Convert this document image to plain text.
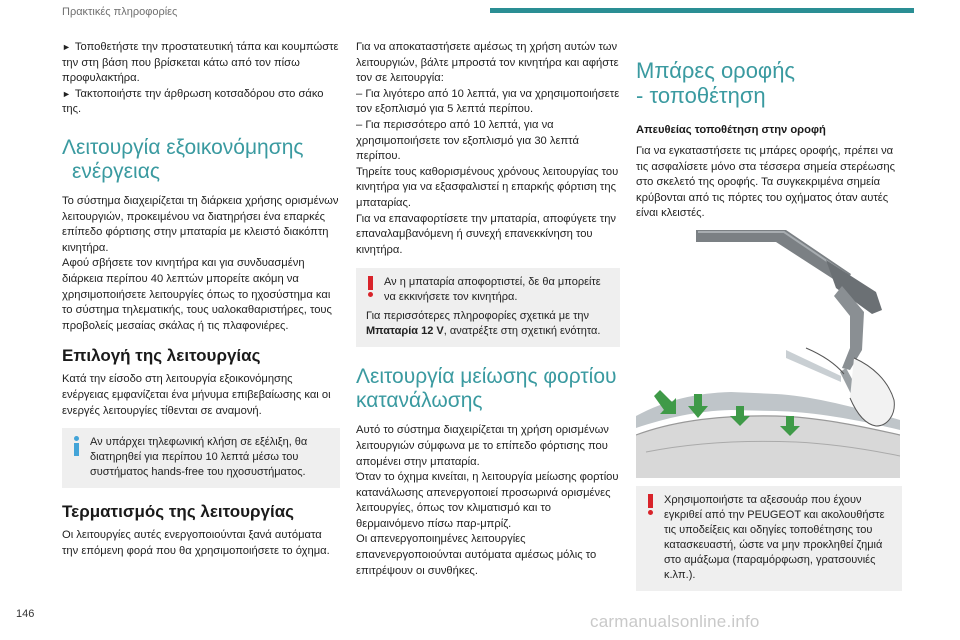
Πρακτικές πληροφορίες
► Τοποθετήστε την προστατευτική τάπα και κουμπώστε την στη βάση που βρίσκεται κάτω από τον πίσω προφυλακτήρα.
► Τακτοποιήστε την άρθρωση κοτσαδόρου στο σάκο της.
Λειτουργία εξοικονόμησης
ενέργειας
Το σύστημα διαχειρίζεται τη διάρκεια χρήσης ορισμένων λειτουργιών, προκειμένου να διατηρήσει ένα επαρκές επίπεδο φόρτισης στην μπαταρία με κλειστό διακόπτη κινητήρα.
Αφού σβήσετε τον κινητήρα και για συνδυασμένη διάρκεια περίπου 40 λεπτών μπορείτε ακόμη να χρησιμοποιήσετε λειτουργίες όπως το ηχοσύστημα και το σύστημα τηλεματικής, τους υαλοκαθαριστήρες, τους προβολείς μεσαίας σκάλας ή τις πλαφονιέρες.
Επιλογή της λειτουργίας
Κατά την είσοδο στη λειτουργία εξοικονόμησης ενέργειας εμφανίζεται ένα μήνυμα επιβεβαίωσης και οι ενεργές λειτουργίες τίθενται σε αναμονή.
Αν υπάρχει τηλεφωνική κλήση σε εξέλιξη, θα διατηρηθεί για περίπου 10 λεπτά μέσω του συστήματος hands-free του ηχοσυστήματος.
Τερματισμός της λειτουργίας
Οι λειτουργίες αυτές ενεργοποιούνται ξανά αυτόματα την επόμενη φορά που θα χρησιμοποιήσετε το όχημα.
Για να αποκαταστήσετε αμέσως τη χρήση αυτών των λειτουργιών, βάλτε μπροστά τον κινητήρα και αφήστε τον σε λειτουργία:
– Για λιγότερο από 10 λεπτά, για να χρησιμοποιήσετε τον εξοπλισμό για 5 λεπτά περίπου.
– Για περισσότερο από 10 λεπτά, για να χρησιμοποιήσετε τον εξοπλισμό για 30 λεπτά περίπου.
Τηρείτε τους καθορισμένους χρόνους λειτουργίας του κινητήρα για να εξασφαλιστεί η επαρκής φόρτιση της μπαταρίας.
Για να επαναφορτίσετε την μπαταρία, αποφύγετε την επαναλαμβανόμενη ή συνεχή επανεκκίνηση του κινητήρα.
Αν η μπαταρία αποφορτιστεί, δε θα μπορείτε να εκκινήσετε τον κινητήρα.
Για περισσότερες πληροφορίες σχετικά με την Μπαταρία 12 V, ανατρέξτε στη σχετική ενότητα.
Λειτουργία μείωσης φορτίου
κατανάλωσης
Αυτό το σύστημα διαχειρίζεται τη χρήση ορισμένων λειτουργιών σύμφωνα με το επίπεδο φόρτισης που απομένει στην μπαταρία.
Όταν το όχημα κινείται, η λειτουργία μείωσης φορτίου κατανάλωσης απενεργοποιεί προσωρινά ορισμένες λειτουργίες, όπως τον κλιματισμό και το θερμαινόμενο πίσω παρ-μπρίζ.
Οι απενεργοποιημένες λειτουργίες επανενεργοποιούνται αυτόματα αμέσως μόλις το επιτρέψουν οι συνθήκες.
Μπάρες οροφής
- τοποθέτηση
Απευθείας τοποθέτηση στην οροφή
Για να εγκαταστήσετε τις μπάρες οροφής, πρέπει να τις ασφαλίσετε μόνο στα τέσσερα σημεία στερέωσης στο σκελετό της οροφής. Τα συγκεκριμένα σημεία κρύβονται από τις πόρτες του οχήματος όταν αυτές είναι κλειστές.
Χρησιμοποιήστε τα αξεσουάρ που έχουν εγκριθεί από την PEUGEOT και ακολουθήστε τις υποδείξεις και οδηγίες τοποθέτησης του κατασκευαστή, ώστε να μην προκληθεί ζημιά στο αμάξωμα (παραμόρφωση, γρατσουνιές κ.λπ.).
146	carmanualsonline.info
